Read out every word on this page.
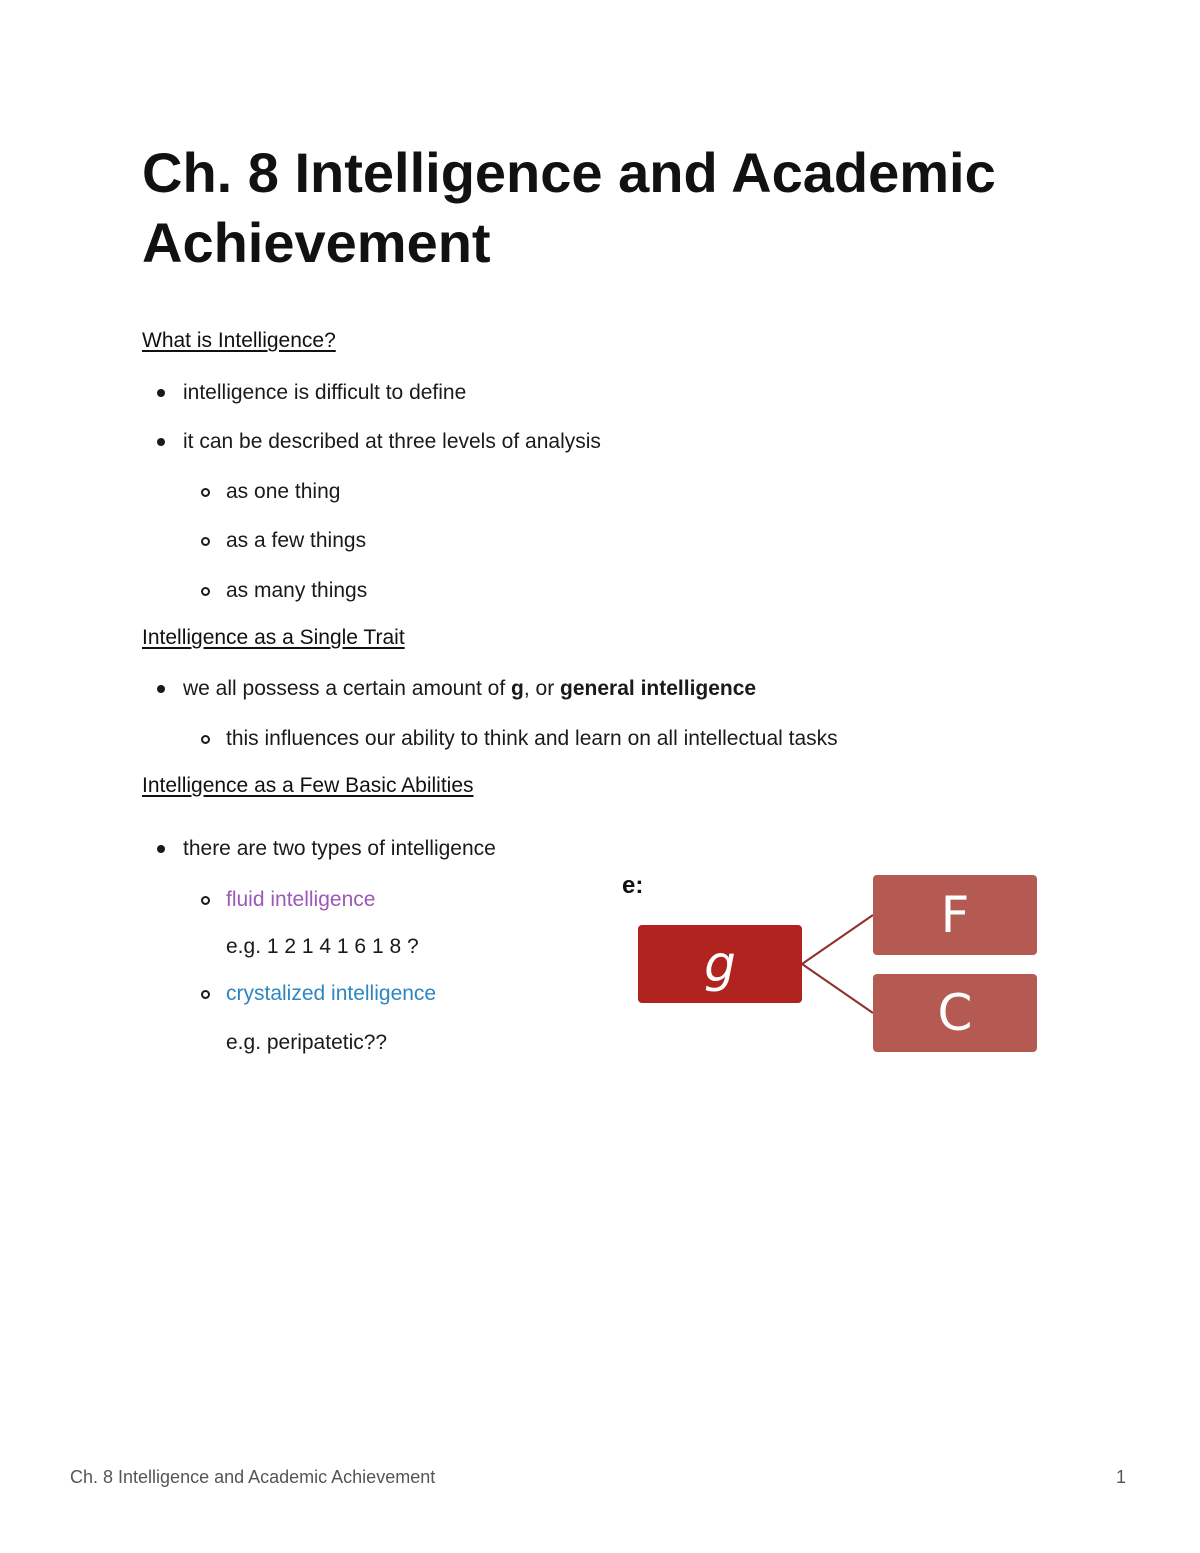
Ch. 8 Intelligence and Academic Achievement
What is Intelligence?
intelligence is difficult to define
it can be described at three levels of analysis
as one thing
as a few things
as many things
Intelligence as a Single Trait
we all possess a certain amount of g, or general intelligence
this influences our ability to think and learn on all intellectual tasks
Intelligence as a Few Basic Abilities
there are two types of intelligence
fluid intelligence
e.g. 1 2 1 4 1 6 1 8 ?
crystalized intelligence
e.g. peripatetic??
e:
g
F
C
Ch. 8 Intelligence and Academic Achievement	1
